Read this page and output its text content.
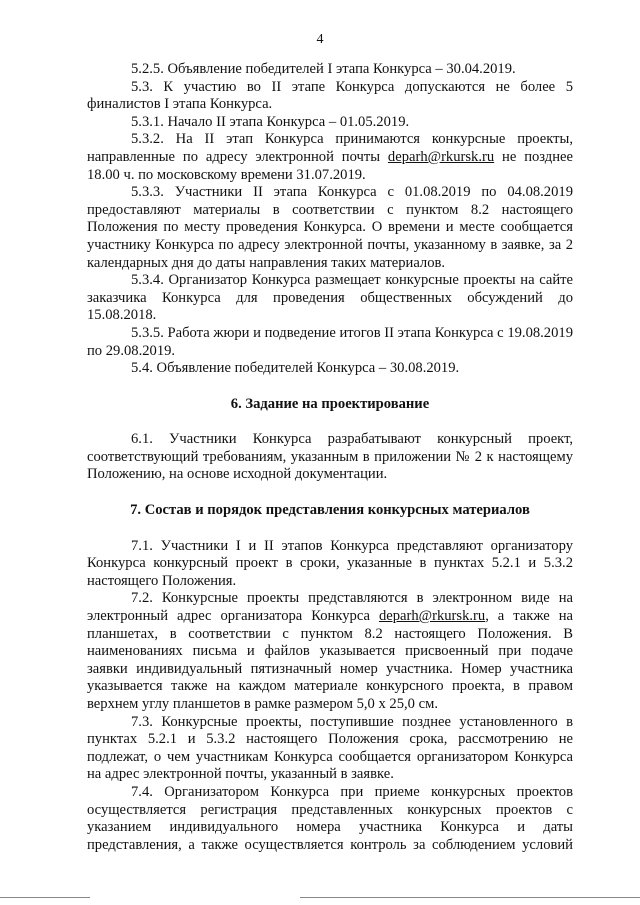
4

5.2.5. Объявление победителей I этапа Конкурса – 30.04.2019.

5.3. К участию во II этапе Конкурса допускаются не более 5 финалистов I этапа Конкурса.

5.3.1. Начало II этапа Конкурса – 01.05.2019.

5.3.2. На II этап Конкурса принимаются конкурсные проекты, направленные по адресу электронной почты deparh@rkursk.ru не позднее 18.00 ч. по московскому времени 31.07.2019.

5.3.3. Участники II этапа Конкурса с 01.08.2019 по 04.08.2019 предоставляют материалы в соответствии с пунктом 8.2 настоящего Положения по месту проведения Конкурса. О времени и месте сообщается участнику Конкурса по адресу электронной почты, указанному в заявке, за 2 календарных дня до даты направления таких материалов.

5.3.4. Организатор Конкурса размещает конкурсные проекты на сайте заказчика Конкурса для проведения общественных обсуждений до 15.08.2018.

5.3.5. Работа жюри и подведение итогов II этапа Конкурса с 19.08.2019 по 29.08.2019.

5.4. Объявление победителей Конкурса – 30.08.2019.

6. Задание на проектирование

6.1. Участники Конкурса разрабатывают конкурсный проект, соответствующий требованиям, указанным в приложении № 2 к настоящему Положению, на основе исходной документации.

7. Состав и порядок представления конкурсных материалов

7.1. Участники I и II этапов Конкурса представляют организатору Конкурса конкурсный проект в сроки, указанные в пунктах 5.2.1 и 5.3.2 настоящего Положения.

7.2. Конкурсные проекты представляются в электронном виде на электронный адрес организатора Конкурса deparh@rkursk.ru, а также на планшетах, в соответствии с пунктом 8.2 настоящего Положения. В наименованиях письма и файлов указывается присвоенный при подаче заявки индивидуальный пятизначный номер участника. Номер участника указывается также на каждом материале конкурсного проекта, в правом верхнем углу планшетов в рамке размером 5,0 х 25,0 см.

7.3. Конкурсные проекты, поступившие позднее установленного в пунктах 5.2.1 и 5.3.2 настоящего Положения срока, рассмотрению не подлежат, о чем участникам Конкурса сообщается организатором Конкурса на адрес электронной почты, указанный в заявке.

7.4. Организатором Конкурса при приеме конкурсных проектов осуществляется регистрация представленных конкурсных проектов с указанием индивидуального номера участника Конкурса и даты представления, а также осуществляется контроль за соблюдением условий
